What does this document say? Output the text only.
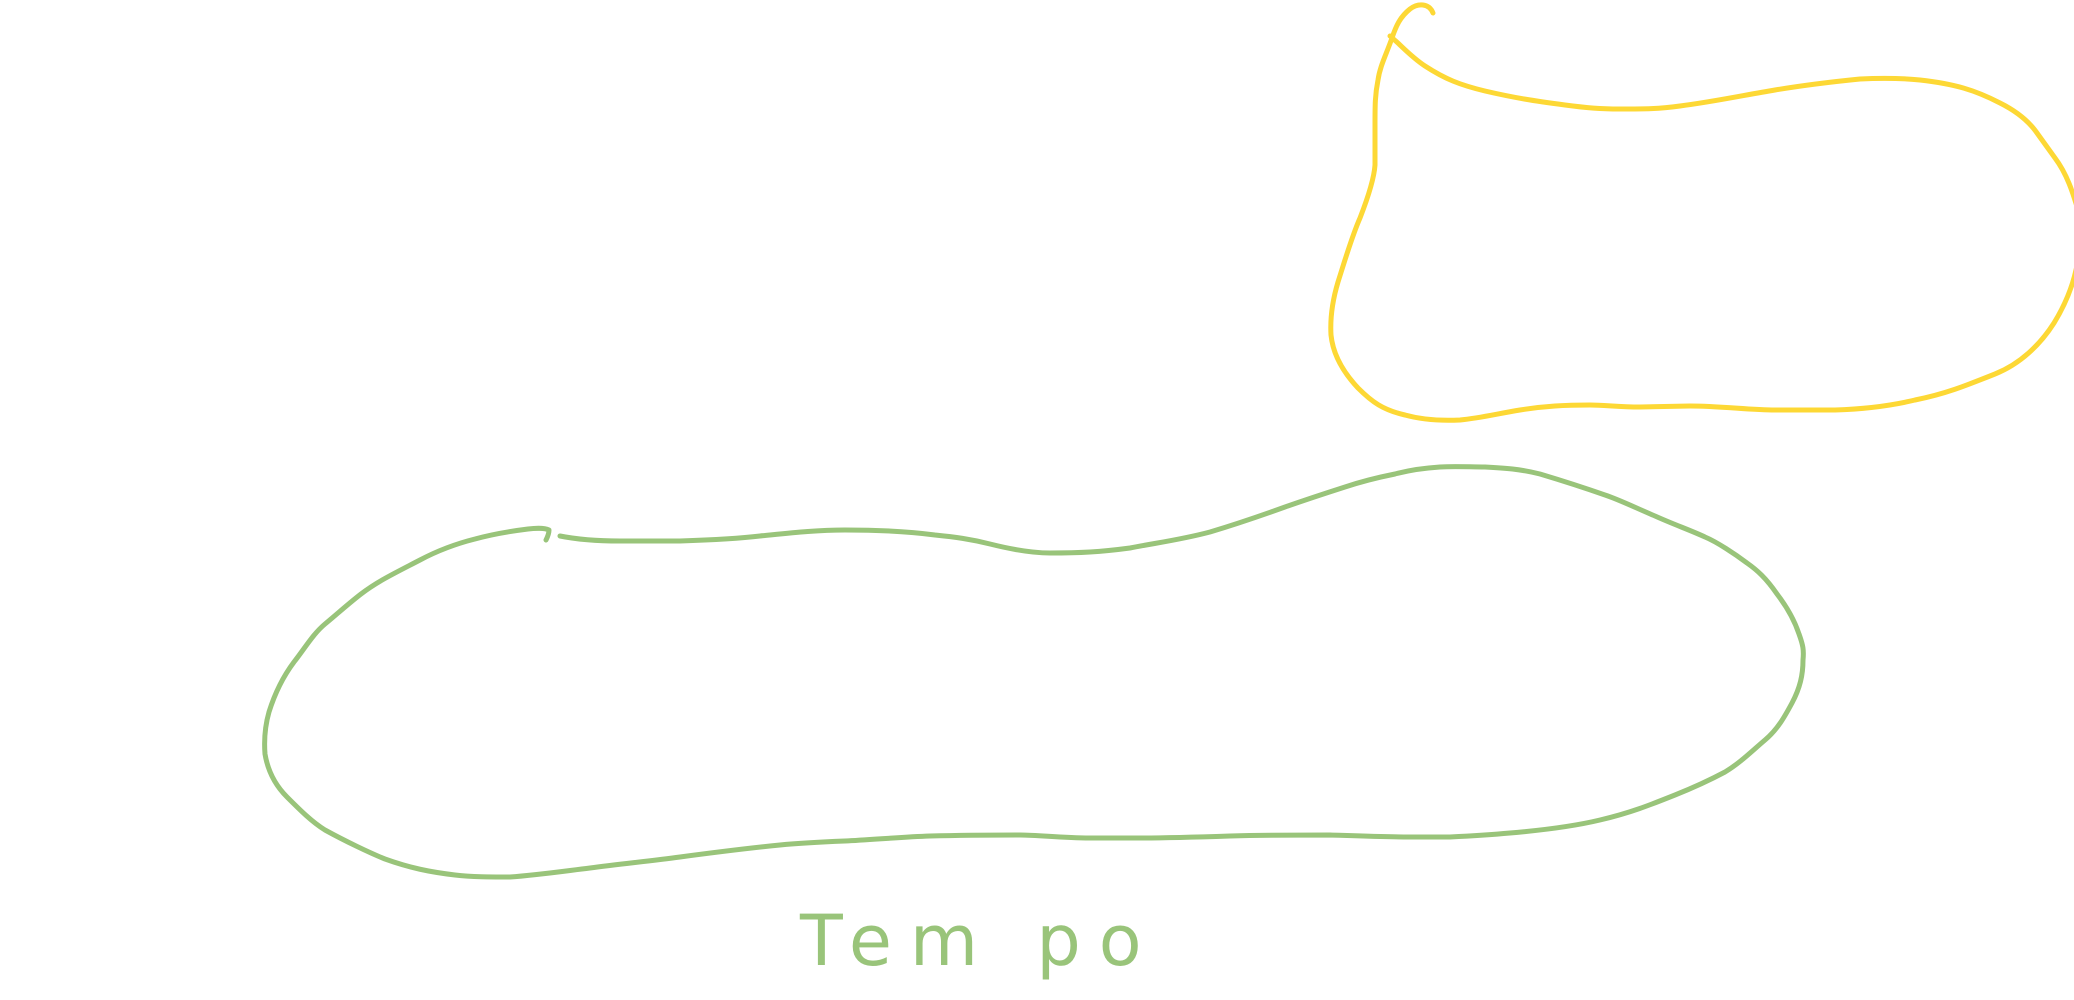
Tem po
